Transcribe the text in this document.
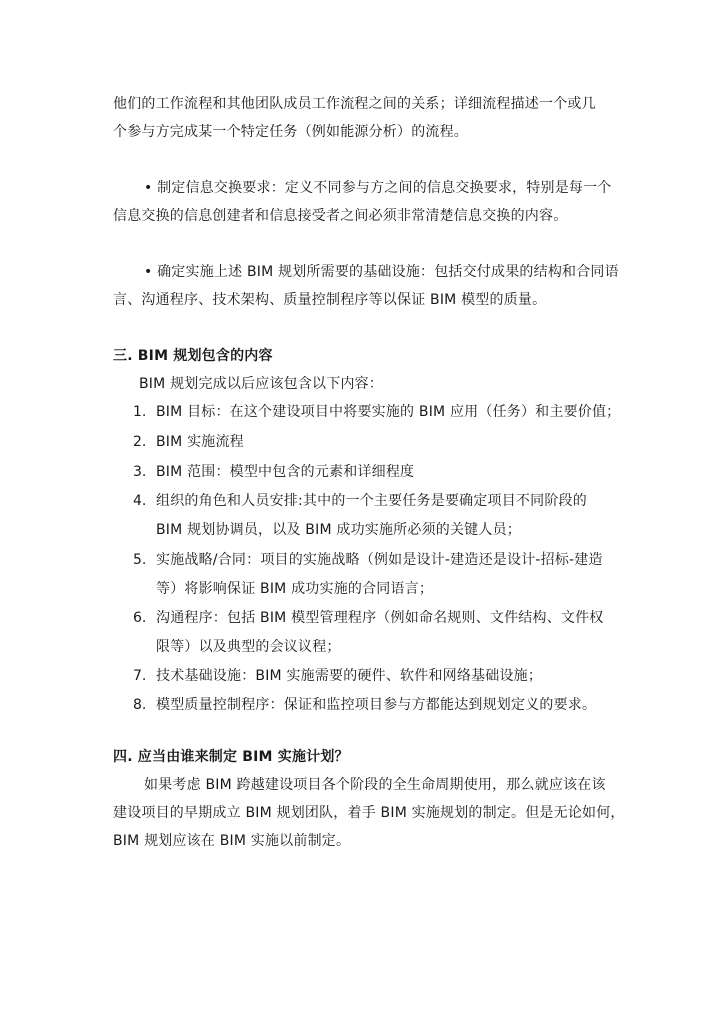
他们的工作流程和其他团队成员工作流程之间的关系；详细流程描述一个或几
个参与方完成某一个特定任务（例如能源分析）的流程。
• 制定信息交换要求：定义不同参与方之间的信息交换要求，特别是每一个
信息交换的信息创建者和信息接受者之间必须非常清楚信息交换的内容。
• 确定实施上述 BIM 规划所需要的基础设施：包括交付成果的结构和合同语
言、沟通程序、技术架构、质量控制程序等以保证 BIM 模型的质量。
三. BIM 规划包含的内容
BIM 规划完成以后应该包含以下内容：
1. BIM 目标：在这个建设项目中将要实施的 BIM 应用（任务）和主要价值；
2. BIM 实施流程
3. BIM 范围：模型中包含的元素和详细程度
4. 组织的角色和人员安排:其中的一个主要任务是要确定项目不同阶段的
BIM 规划协调员，以及 BIM 成功实施所必须的关键人员；
5. 实施战略/合同：项目的实施战略（例如是设计-建造还是设计-招标-建造
等）将影响保证 BIM 成功实施的合同语言；
6. 沟通程序：包括 BIM 模型管理程序（例如命名规则、文件结构、文件权
限等）以及典型的会议议程；
7. 技术基础设施：BIM 实施需要的硬件、软件和网络基础设施；
8. 模型质量控制程序：保证和监控项目参与方都能达到规划定义的要求。
四. 应当由谁来制定 BIM 实施计划？
如果考虑 BIM 跨越建设项目各个阶段的全生命周期使用，那么就应该在该
建设项目的早期成立 BIM 规划团队，着手 BIM 实施规划的制定。但是无论如何，
BIM 规划应该在 BIM 实施以前制定。
